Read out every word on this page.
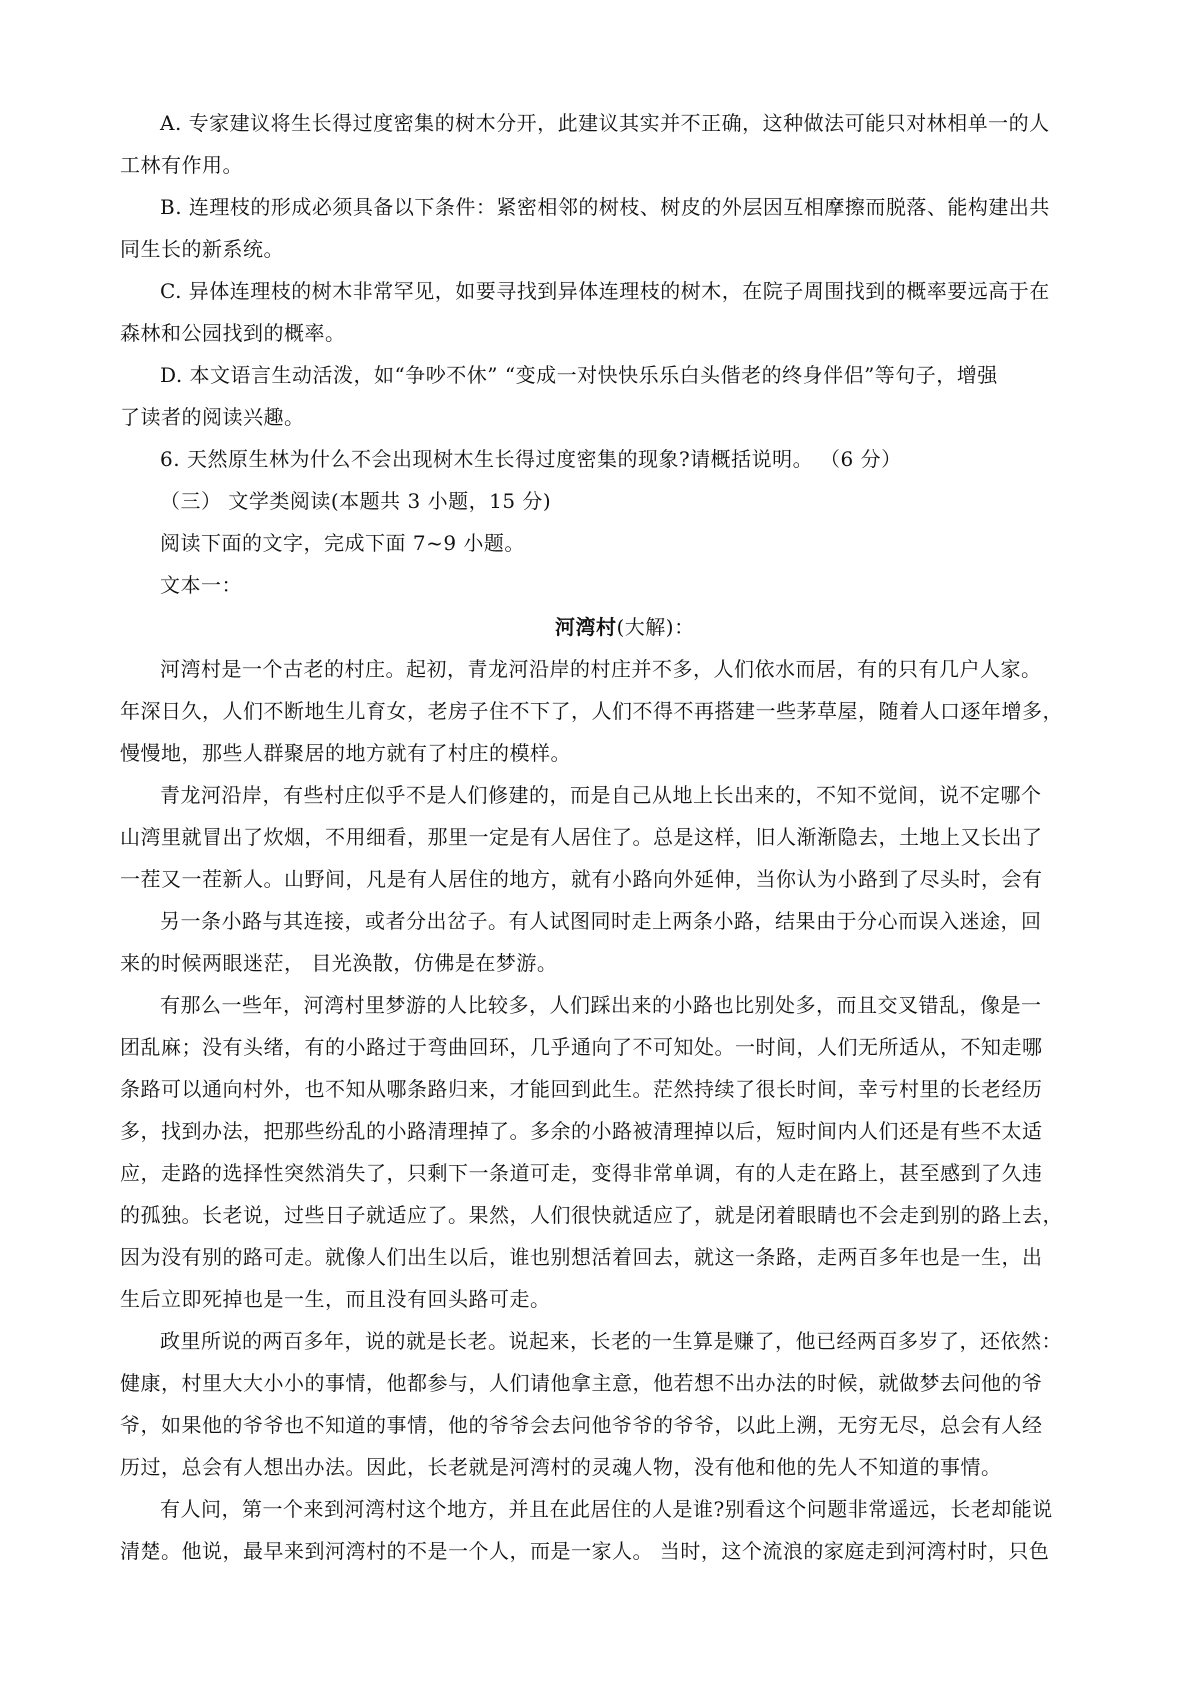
A. 专家建议将生长得过度密集的树木分开，此建议其实并不正确，这种做法可能只对林相单一的人
工林有作用。
B. 连理枝的形成必须具备以下条件：紧密相邻的树枝、树皮的外层因互相摩擦而脱落、能构建出共
同生长的新系统。
C. 异体连理枝的树木非常罕见，如要寻找到异体连理枝的树木，在院子周围找到的概率要远高于在
森林和公园找到的概率。
D. 本文语言生动活泼，如“争吵不休” “变成一对快快乐乐白头偕老的终身伴侣”等句子，增强
了读者的阅读兴趣。
6. 天然原生林为什么不会出现树木生长得过度密集的现象?请概括说明。 （6 分）
（三） 文学类阅读(本题共 3 小题，15 分)
阅读下面的文字，完成下面 7~9 小题。
文本一：
河湾村(大解)：
河湾村是一个古老的村庄。起初，青龙河沿岸的村庄并不多，人们依水而居，有的只有几户人家。
年深日久，人们不断地生儿育女，老房子住不下了，人们不得不再搭建一些茅草屋，随着人口逐年增多，
慢慢地，那些人群聚居的地方就有了村庄的模样。
青龙河沿岸，有些村庄似乎不是人们修建的，而是自己从地上长出来的，不知不觉间，说不定哪个
山湾里就冒出了炊烟，不用细看，那里一定是有人居住了。总是这样，旧人渐渐隐去，土地上又长出了
一茬又一茬新人。山野间，凡是有人居住的地方，就有小路向外延伸，当你认为小路到了尽头时，会有
另一条小路与其连接，或者分出岔子。有人试图同时走上两条小路，结果由于分心而误入迷途，回
来的时候两眼迷茫， 目光涣散，仿佛是在梦游。
有那么一些年，河湾村里梦游的人比较多，人们踩出来的小路也比别处多，而且交叉错乱，像是一
团乱麻；没有头绪，有的小路过于弯曲回环，几乎通向了不可知处。一时间，人们无所适从，不知走哪
条路可以通向村外，也不知从哪条路归来，才能回到此生。茫然持续了很长时间，幸亏村里的长老经历
多，找到办法，把那些纷乱的小路清理掉了。多余的小路被清理掉以后，短时间内人们还是有些不太适
应，走路的选择性突然消失了，只剩下一条道可走，变得非常单调，有的人走在路上，甚至感到了久违
的孤独。长老说，过些日子就适应了。果然，人们很快就适应了，就是闭着眼睛也不会走到别的路上去，
因为没有别的路可走。就像人们出生以后，谁也别想活着回去，就这一条路，走两百多年也是一生，出
生后立即死掉也是一生，而且没有回头路可走。
政里所说的两百多年，说的就是长老。说起来，长老的一生算是赚了，他已经两百多岁了，还依然：
健康，村里大大小小的事情，他都参与，人们请他拿主意，他若想不出办法的时候，就做梦去问他的爷
爷，如果他的爷爷也不知道的事情，他的爷爷会去问他爷爷的爷爷，以此上溯，无穷无尽，总会有人经
历过，总会有人想出办法。因此，长老就是河湾村的灵魂人物，没有他和他的先人不知道的事情。
有人问，第一个来到河湾村这个地方，并且在此居住的人是谁?别看这个问题非常遥远，长老却能说
清楚。他说，最早来到河湾村的不是一个人，而是一家人。 当时，这个流浪的家庭走到河湾村时，只色
